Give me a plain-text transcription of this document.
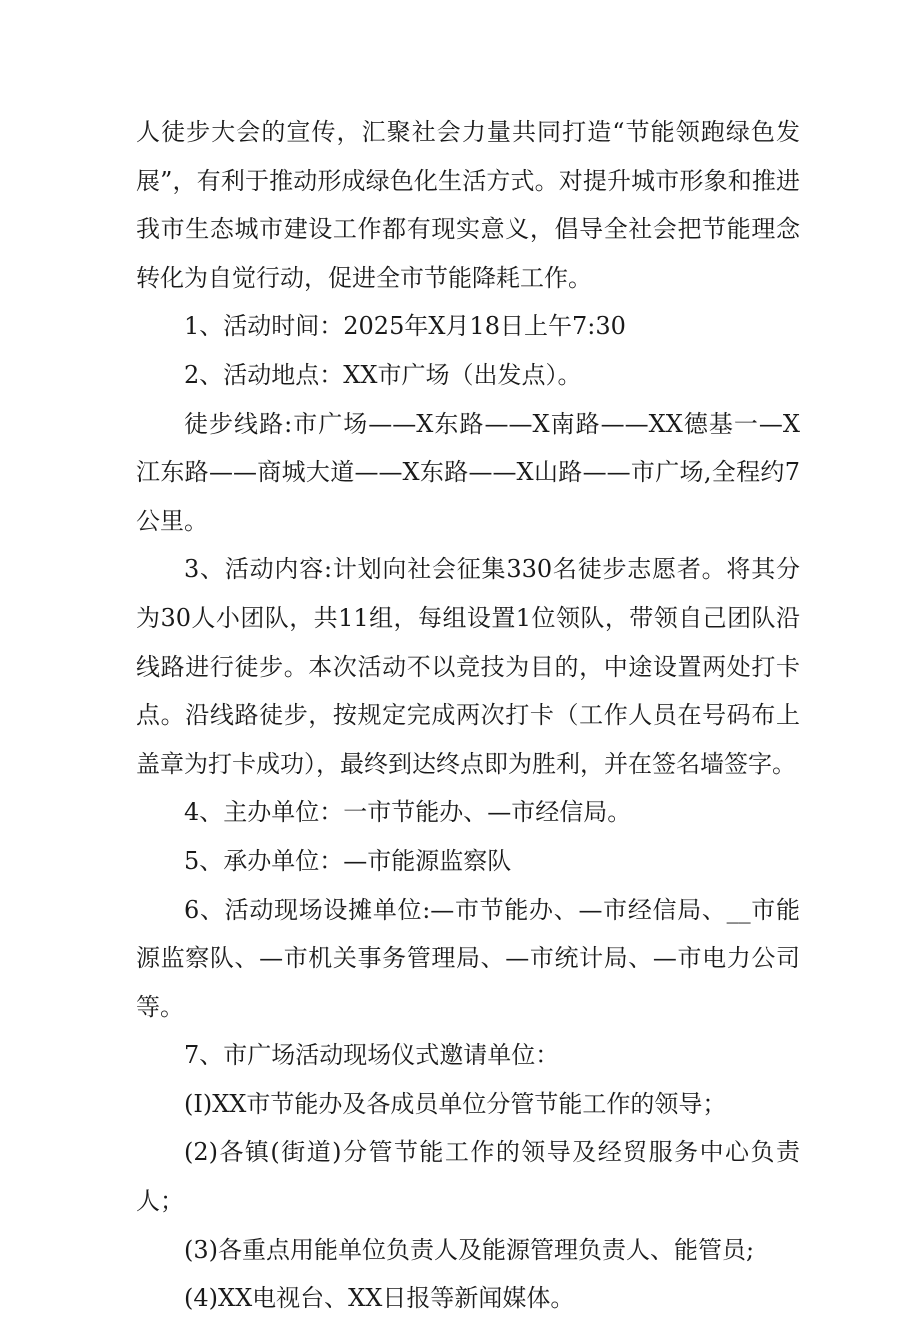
人徒步大会的宣传，汇聚社会力量共同打造“节能领跑绿色发展”，有利于推动形成绿色化生活方式。对提升城市形象和推进我市生态城市建设工作都有现实意义，倡导全社会把节能理念转化为自觉行动，促进全市节能降耗工作。

1、活动时间：2025年X月18日上午7:30

2、活动地点：XX市广场（出发点）。

徒步线路:市广场——X东路——X南路——XX德基一—X江东路——商城大道——X东路——X山路——市广场,全程约7公里。

3、活动内容:计划向社会征集330名徒步志愿者。将其分为30人小团队，共11组，每组设置1位领队，带领自己团队沿线路进行徒步。本次活动不以竞技为目的，中途设置两处打卡点。沿线路徒步，按规定完成两次打卡（工作人员在号码布上盖章为打卡成功），最终到达终点即为胜利，并在签名墙签字。

4、主办单位：一市节能办、—市经信局。

5、承办单位：—市能源监察队

6、活动现场设摊单位:—市节能办、—市经信局、__市能源监察队、—市机关事务管理局、—市统计局、—市电力公司等。

7、市广场活动现场仪式邀请单位：

(I)XX市节能办及各成员单位分管节能工作的领导；

(2)各镇(街道)分管节能工作的领导及经贸服务中心负责人；

(3)各重点用能单位负责人及能源管理负责人、能管员;

(4)XX电视台、XX日报等新闻媒体。
